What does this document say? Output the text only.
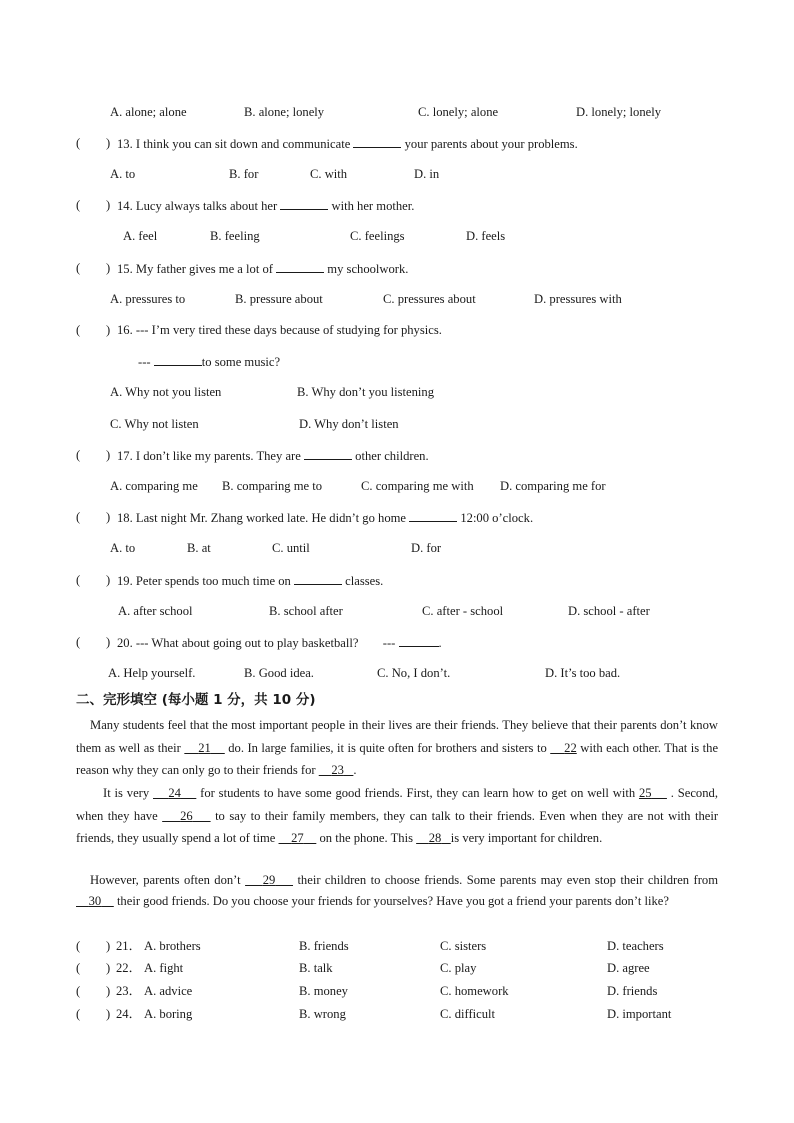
A. alone; alone	B. alone; lonely	C. lonely; alone	D. lonely; lonely
( ) 13. I think you can sit down and communicate	your parents about your problems.
A. to	B. for	C. with	D. in
( ) 14. Lucy always talks about her	with her mother.
A. feel	B. feeling	C. feelings	D. feels
( ) 15. My father gives me a lot of	my schoolwork.
A. pressures to	B. pressure about	C. pressures about	D. pressures with
( ) 16. --- I’m very tired these days because of studying for physics.
---	to some music?
A. Why not you listen	B. Why don’t you listening
C. Why not listen	D. Why don’t listen
( ) 17. I don’t like my parents. They are	other children.
A. comparing me B. comparing me to	C. comparing me with D. comparing me for
( ) 18. Last night Mr. Zhang worked late. He didn’t go home	12:00 o’clock.
A. to	B. at	C. until	D. for
( ) 19. Peter spends too much time on	classes.
A. after school	B. school after	C. after - school	D. school - after
( ) 20. --- What about going out to play basketball? ---	.
A. Help yourself.	B. Good idea.	C. No, I don’t.	D. It’s too bad.
二、完形填空 (每小题 1 分，共 10 分)
Many students feel that the most important people in their lives are their friends. They believe that their parents don’t know them as well as their 21 do. In large families, it is quite often for brothers and sisters to 22 with each other. That is the reason why they can only go to their friends for 23 .
It is very 24 for students to have some good friends. First, they can learn how to get on well with 25 . Second, when they have 26 to say to their family members, they can talk to their friends. Even when they are not with their friends, they usually spend a lot of time 27 on the phone. This 28 is very important for children.
However, parents often don’t 29 their children to choose friends. Some parents may even stop their children from     30 their good friends. Do you choose your friends for yourselves? Have you got a friend your parents don’t like?
( ) 21． A. brothers	B. friends	C. sisters	D. teachers
( ) 22． A. fight	B. talk	C. play	D. agree
( ) 23． A. advice	B. money	C. homework	D. friends
( ) 24． A. boring	B. wrong	C. difficult	D. important
